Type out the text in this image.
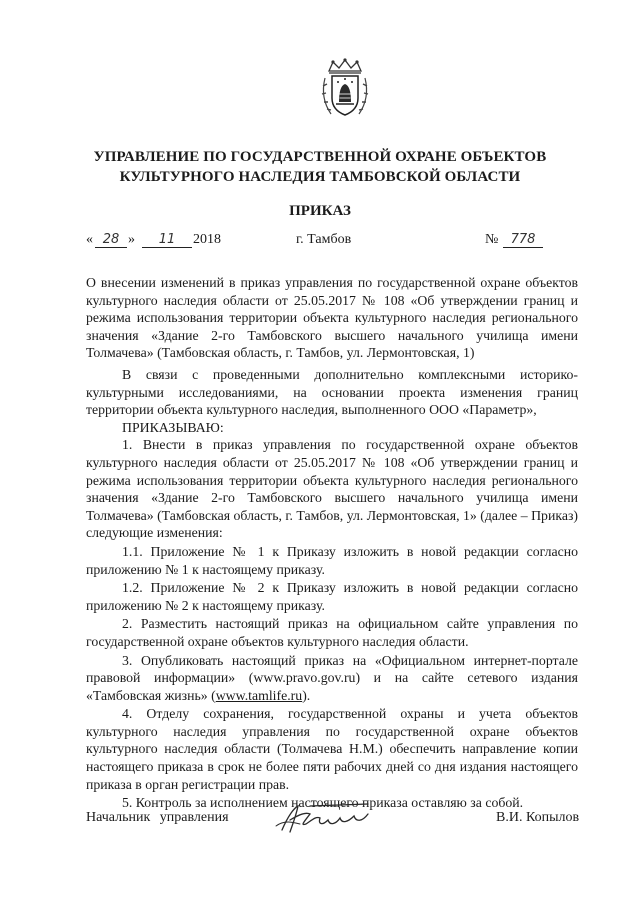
УПРАВЛЕНИЕ ПО ГОСУДАРСТВЕННОЙ ОХРАНЕ ОБЪЕКТОВ
КУЛЬТУРНОГО НАСЛЕДИЯ ТАМБОВСКОЙ ОБЛАСТИ
ПРИКАЗ
« 28 »	11	2018	г. Тамбов	№ 778
О внесении изменений в приказ управления по государственной охране объектов культурного наследия области от 25.05.2017 № 108 «Об утверждении границ и режима использования территории объекта культурного наследия регионального значения «Здание 2-го Тамбовского высшего начального училища имени Толмачева» (Тамбовская область, г. Тамбов, ул. Лермонтовская, 1)

В связи с проведенными дополнительно комплексными историко-культурными исследованиями, на основании проекта изменения границ территории объекта культурного наследия, выполненного ООО «Параметр»,

ПРИКАЗЫВАЮ:

1. Внести в приказ управления по государственной охране объектов культурного наследия области от 25.05.2017 № 108 «Об утверждении границ и режима использования территории объекта культурного наследия регионального значения «Здание 2-го Тамбовского высшего начального училища имени Толмачева» (Тамбовская область, г. Тамбов, ул. Лермонтовская, 1» (далее – Приказ) следующие изменения:

1.1. Приложение № 1 к Приказу изложить в новой редакции согласно приложению № 1 к настоящему приказу.

1.2. Приложение № 2 к Приказу изложить в новой редакции согласно приложению № 2 к настоящему приказу.

2. Разместить настоящий приказ на официальном сайте управления по государственной охране объектов культурного наследия области.

3. Опубликовать настоящий приказ на «Официальном интернет-портале правовой информации» (www.pravo.gov.ru) и на сайте сетевого издания «Тамбовская жизнь» (www.tamlife.ru).

4. Отделу сохранения, государственной охраны и учета объектов культурного наследия управления по государственной охране объектов культурного наследия области (Толмачева Н.М.) обеспечить направление копии настоящего приказа в срок не более пяти рабочих дней со дня издания настоящего приказа в орган регистрации прав.

5. Контроль за исполнением настоящего приказа оставляю за собой.

Начальник управления	В.И. Копылов
